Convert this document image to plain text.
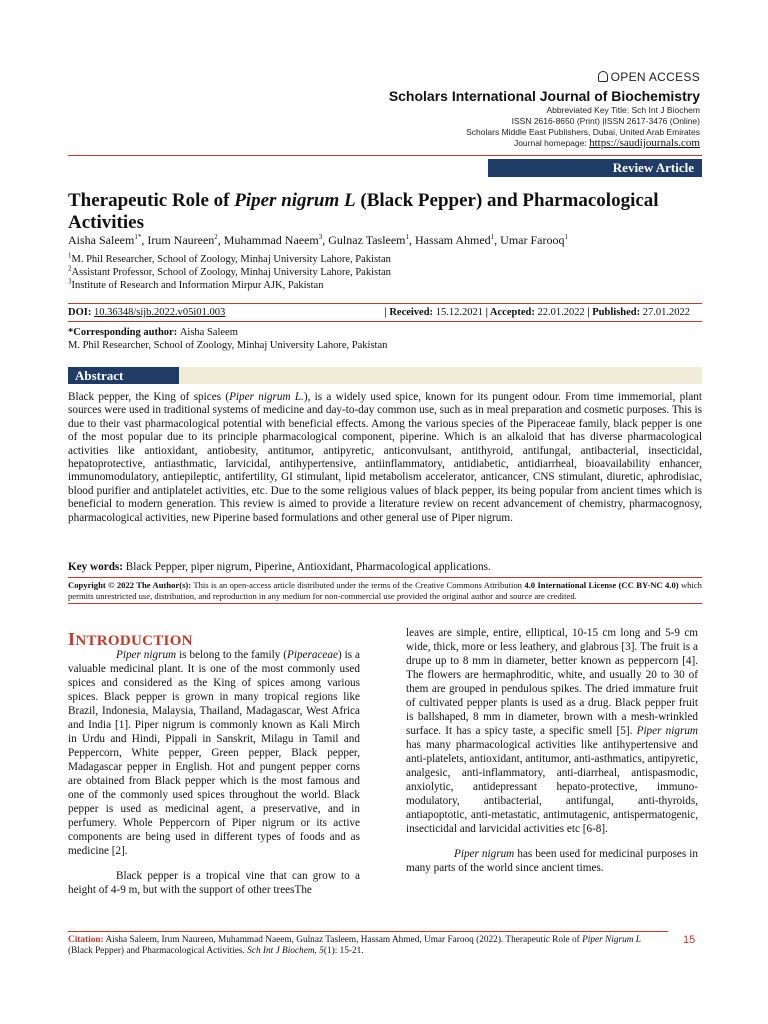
OPEN ACCESS
Scholars International Journal of Biochemistry
Abbreviated Key Title: Sch Int J Biochem
ISSN 2616-8650 (Print) |ISSN 2617-3476 (Online)
Scholars Middle East Publishers, Dubai, United Arab Emirates
Journal homepage: https://saudijournals.com
Review Article
Therapeutic Role of Piper nigrum L (Black Pepper) and Pharmacological Activities
Aisha Saleem$^{1*}$, Irum Naureen$^2$, Muhammad Naeem$^3$, Gulnaz Tasleem$^1$, Hassam Ahmed$^1$, Umar Farooq$^1$
$^1$M. Phil Researcher, School of Zoology, Minhaj University Lahore, Pakistan
$^2$Assistant Professor, School of Zoology, Minhaj University Lahore, Pakistan
$^3$Institute of Research and Information Mirpur AJK, Pakistan
DOI: 10.36348/sijb.2022.v05i01.003	| Received: 15.12.2021 | Accepted: 22.01.2022 | Published: 27.01.2022
*Corresponding author: Aisha Saleem
M. Phil Researcher, School of Zoology, Minhaj University Lahore, Pakistan
Abstract
Black pepper, the King of spices (Piper nigrum L.), is a widely used spice, known for its pungent odour. From time immemorial, plant sources were used in traditional systems of medicine and day-to-day common use, such as in meal preparation and cosmetic purposes. This is due to their vast pharmacological potential with beneficial effects. Among the various species of the Piperaceae family, black pepper is one of the most popular due to its principle pharmacological component, piperine. Which is an alkaloid that has diverse pharmacological activities like antioxidant, antiobesity, antitumor, antipyretic, anticonvulsant, antithyroid, antifungal, antibacterial, insecticidal, hepatoprotective, antiasthmatic, larvicidal, antihypertensive, antiinflammatory, antidiabetic, antidiarrheal, bioavailability enhancer, immunomodulatory, antiepileptic, antifertility, GI stimulant, lipid metabolism accelerator, anticancer, CNS stimulant, diuretic, aphrodisiac, blood purifier and antiplatelet activities, etc. Due to the some religious values of black pepper, its being popular from ancient times which is beneficial to modern generation. This review is aimed to provide a literature review on recent advancement of chemistry, pharmacognosy, pharmacological activities, new Piperine based formulations and other general use of Piper nigrum.
Key words: Black Pepper, piper nigrum, Piperine, Antioxidant, Pharmacological applications.
Copyright © 2022 The Author(s): This is an open-access article distributed under the terms of the Creative Commons Attribution 4.0 International License (CC BY-NC 4.0) which permits unrestricted use, distribution, and reproduction in any medium for non-commercial use provided the original author and source are credited.
INTRODUCTION

Piper nigrum is belong to the family (Piperaceae) is a valuable medicinal plant. It is one of the most commonly used spices and considered as the King of spices among various spices. Black pepper is grown in many tropical regions like Brazil, Indonesia, Malaysia, Thailand, Madagascar, West Africa and India [1]. Piper nigrum is commonly known as Kali Mirch in Urdu and Hindi, Pippali in Sanskrit, Milagu in Tamil and Peppercorn, White pepper, Green pepper, Black pepper, Madagascar pepper in English. Hot and pungent pepper corns are obtained from Black pepper which is the most famous and one of the commonly used spices throughout the world. Black pepper is used as medicinal agent, a preservative, and in perfumery. Whole Peppercorn of Piper nigrum or its active components are being used in different types of foods and as medicine [2].

Black pepper is a tropical vine that can grow to a height of 4-9 m, but with the support of other treesThe

leaves are simple, entire, elliptical, 10-15 cm long and 5-9 cm wide, thick, more or less leathery, and glabrous [3]. The fruit is a drupe up to 8 mm in diameter, better known as peppercorn [4]. The flowers are hermaphroditic, white, and usually 20 to 30 of them are grouped in pendulous spikes. The dried immature fruit of cultivated pepper plants is used as a drug. Black pepper fruit is ballshaped, 8 mm in diameter, brown with a mesh-wrinkled surface. It has a spicy taste, a specific smell [5]. Piper nigrum has many pharmacological activities like antihypertensive and anti-platelets, antioxidant, antitumor, anti-asthmatics, antipyretic, analgesic, anti-inflammatory, anti-diarrheal, antispasmodic, anxiolytic, antidepressant hepato-protective, immuno-modulatory, antibacterial, antifungal, anti-thyroids, antiapoptotic, anti-metastatic, antimutagenic, antispermatogenic, insecticidal and larvicidal activities etc [6-8].

Piper nigrum has been used for medicinal purposes in many parts of the world since ancient times.

Citation: Aisha Saleem, Irum Naureen, Muhammad Naeem, Gulnaz Tasleem, Hassam Ahmed, Umar Farooq (2022). Therapeutic Role of Piper Nigrum L (Black Pepper) and Pharmacological Activities. Sch Int J Biochem, 5(1): 15-21.
15
